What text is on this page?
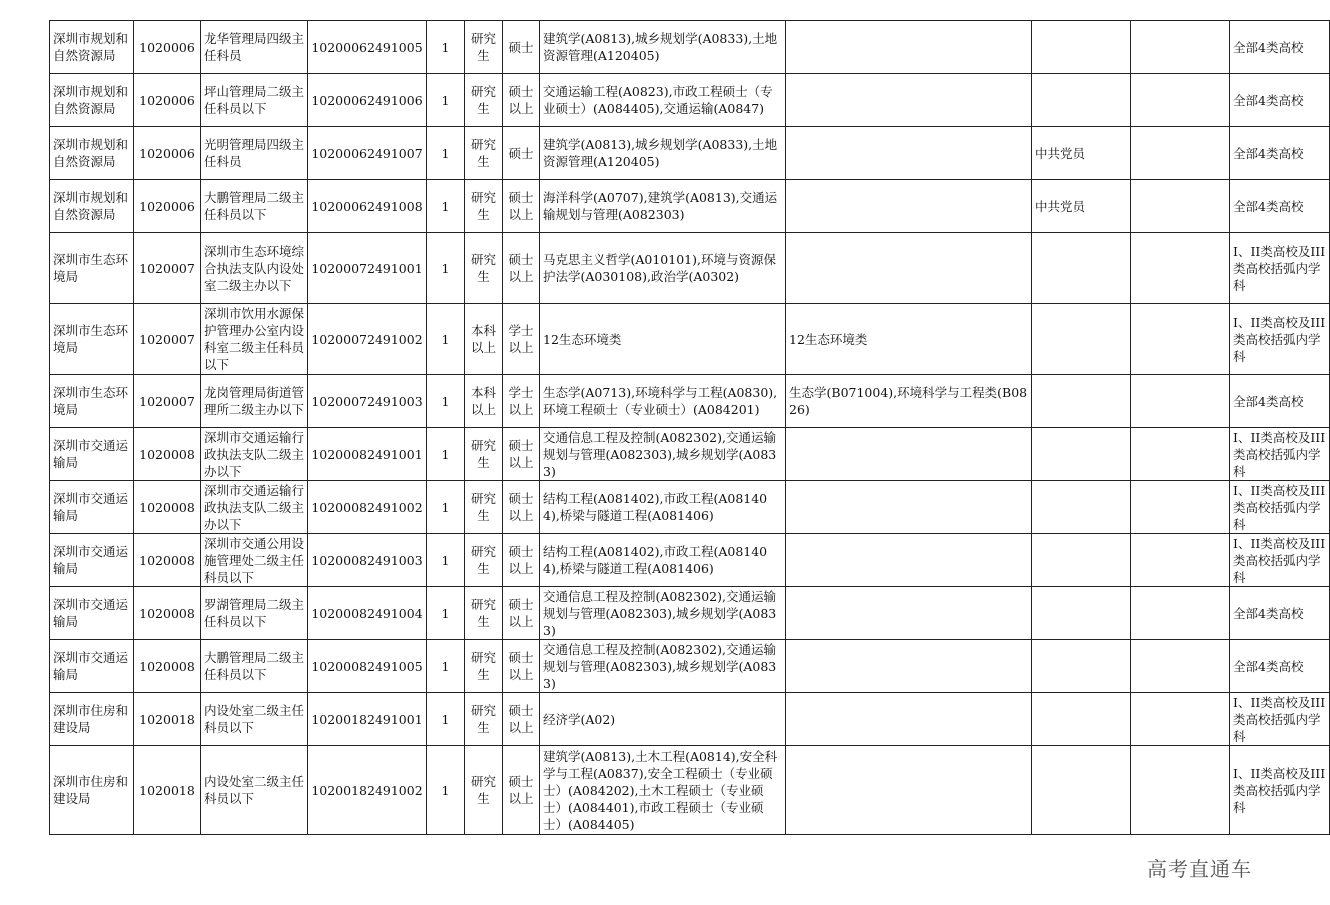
深圳市规划和自然资源局	1020006	龙华管理局四级主任科员	10200062491005	1	研究生	硕士	建筑学(A0813),城乡规划学(A0833),土地资源管理(A120405)				全部4类高校
深圳市规划和自然资源局	1020006	坪山管理局二级主任科员以下	10200062491006	1	研究生	硕士以上	交通运输工程(A0823),市政工程硕士（专业硕士）(A084405),交通运输(A0847)				全部4类高校
深圳市规划和自然资源局	1020006	光明管理局四级主任科员	10200062491007	1	研究生	硕士	建筑学(A0813),城乡规划学(A0833),土地资源管理(A120405)		中共党员		全部4类高校
深圳市规划和自然资源局	1020006	大鹏管理局二级主任科员以下	10200062491008	1	研究生	硕士以上	海洋科学(A0707),建筑学(A0813),交通运输规划与管理(A082303)		中共党员		全部4类高校
深圳市生态环境局	1020007	深圳市生态环境综合执法支队内设处室二级主办以下	10200072491001	1	研究生	硕士以上	马克思主义哲学(A010101),环境与资源保护法学(A030108),政治学(A0302)				I、II类高校及III类高校括弧内学科
深圳市生态环境局	1020007	深圳市饮用水源保护管理办公室内设科室二级主任科员以下	10200072491002	1	本科以上	学士以上	12生态环境类	12生态环境类			I、II类高校及III类高校括弧内学科
深圳市生态环境局	1020007	龙岗管理局街道管理所二级主办以下	10200072491003	1	本科以上	学士以上	生态学(A0713),环境科学与工程(A0830),环境工程硕士（专业硕士）(A084201)	生态学(B071004),环境科学与工程类(B0826)			全部4类高校
深圳市交通运输局	1020008	深圳市交通运输行政执法支队二级主办以下	10200082491001	1	研究生	硕士以上	交通信息工程及控制(A082302),交通运输规划与管理(A082303),城乡规划学(A0833)				I、II类高校及III类高校括弧内学科
深圳市交通运输局	1020008	深圳市交通运输行政执法支队二级主办以下	10200082491002	1	研究生	硕士以上	结构工程(A081402),市政工程(A081404),桥梁与隧道工程(A081406)				I、II类高校及III类高校括弧内学科
深圳市交通运输局	1020008	深圳市交通公用设施管理处二级主任科员以下	10200082491003	1	研究生	硕士以上	结构工程(A081402),市政工程(A081404),桥梁与隧道工程(A081406)				I、II类高校及III类高校括弧内学科
深圳市交通运输局	1020008	罗湖管理局二级主任科员以下	10200082491004	1	研究生	硕士以上	交通信息工程及控制(A082302),交通运输规划与管理(A082303),城乡规划学(A0833)				全部4类高校
深圳市交通运输局	1020008	大鹏管理局二级主任科员以下	10200082491005	1	研究生	硕士以上	交通信息工程及控制(A082302),交通运输规划与管理(A082303),城乡规划学(A0833)				全部4类高校
深圳市住房和建设局	1020018	内设处室二级主任科员以下	10200182491001	1	研究生	硕士以上	经济学(A02)				I、II类高校及III类高校括弧内学科
深圳市住房和建设局	1020018	内设处室二级主任科员以下	10200182491002	1	研究生	硕士以上	建筑学(A0813),土木工程(A0814),安全科学与工程(A0837),安全工程硕士（专业硕士）(A084202),土木工程硕士（专业硕士）(A084401),市政工程硕士（专业硕士）(A084405)				I、II类高校及III类高校括弧内学科
高考直通车
